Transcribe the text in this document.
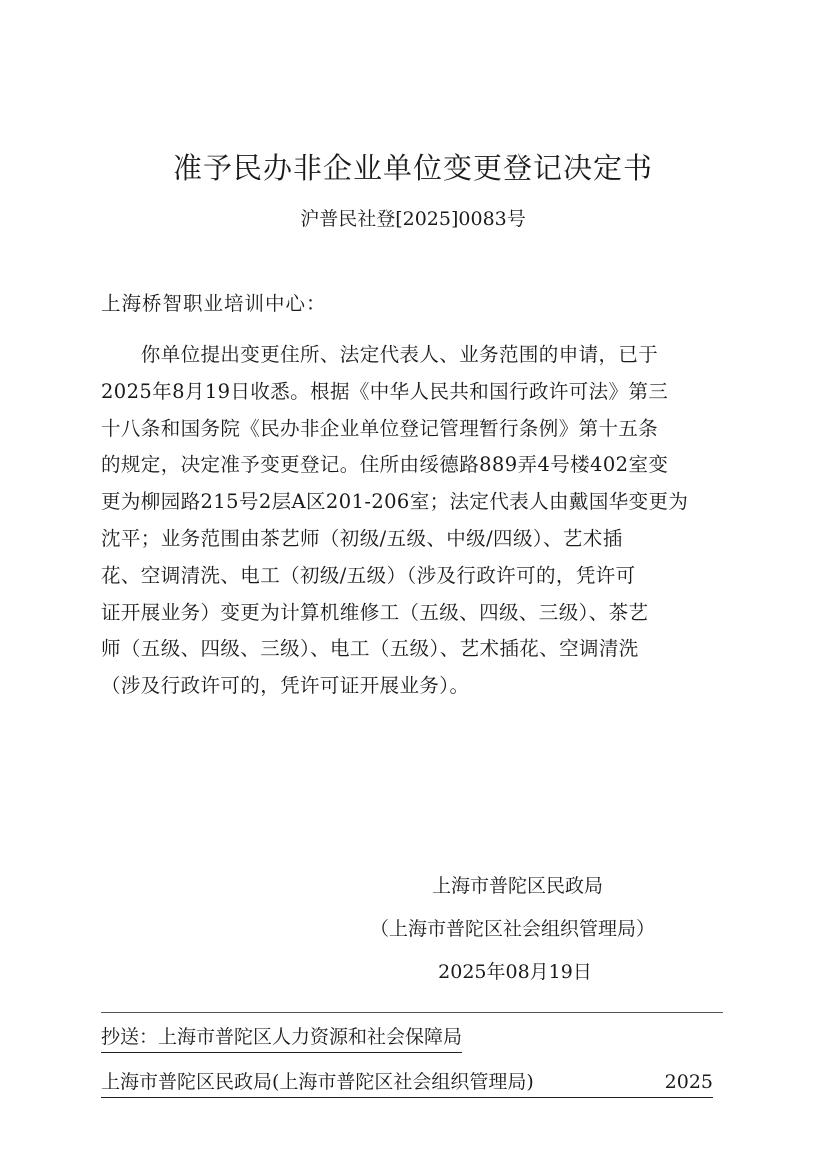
准予民办非企业单位变更登记决定书
沪普民社登[2025]0083号
上海桥智职业培训中心：
　　你单位提出变更住所、法定代表人、业务范围的申请，已于
2025年8月19日收悉。根据《中华人民共和国行政许可法》第三
十八条和国务院《民办非企业单位登记管理暂行条例》第十五条
的规定，决定准予变更登记。住所由绥德路889弄4号楼402室变
更为柳园路215号2层A区201-206室；法定代表人由戴国华变更为
沈平；业务范围由茶艺师（初级/五级、中级/四级）、艺术插
花、空调清洗、电工（初级/五级）（涉及行政许可的，凭许可
证开展业务）变更为计算机维修工（五级、四级、三级）、茶艺
师（五级、四级、三级）、电工（五级）、艺术插花、空调清洗
（涉及行政许可的，凭许可证开展业务）。
上海市普陀区民政局
（上海市普陀区社会组织管理局）
2025年08月19日
抄送：上海市普陀区人力资源和社会保障局
上海市普陀区民政局(上海市普陀区社会组织管理局)	2025
